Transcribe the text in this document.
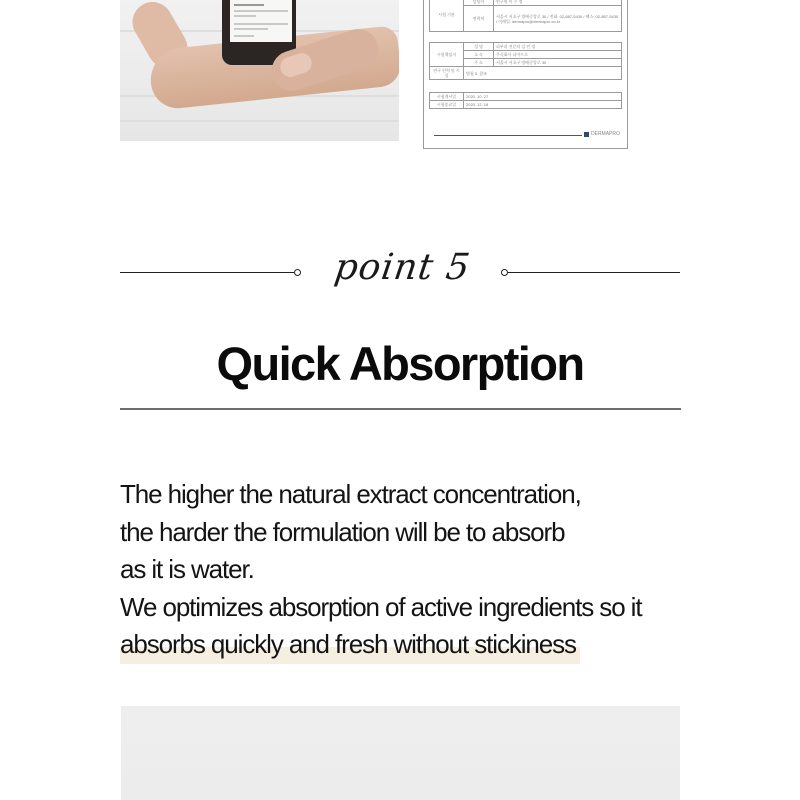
시험 기관	담당자	연구원 이 수 정
	연락처	서울시 서초구 방배중앙로 30 / 전화: 02-887-5430 / 팩스: 02-887-5430 / 이메일: dermapro@dermapro.co.kr
시험책임자	성 명	피부과 전문의 김 민 정
	소 속	주식회사 더마프로
	주 소	서울시 서초구 방배중앙로 30
연구 인력 및 시설	별첨 3. 참조	
시험개시일	2020. 10. 27
시험종료일	2020. 12. 18
DERMAPRO
point 5
Quick Absorption
The higher the natural extract concentration,
the harder the formulation will be to absorb
as it is water.
We optimizes absorption of active ingredients so it
absorbs quickly and fresh without stickiness
